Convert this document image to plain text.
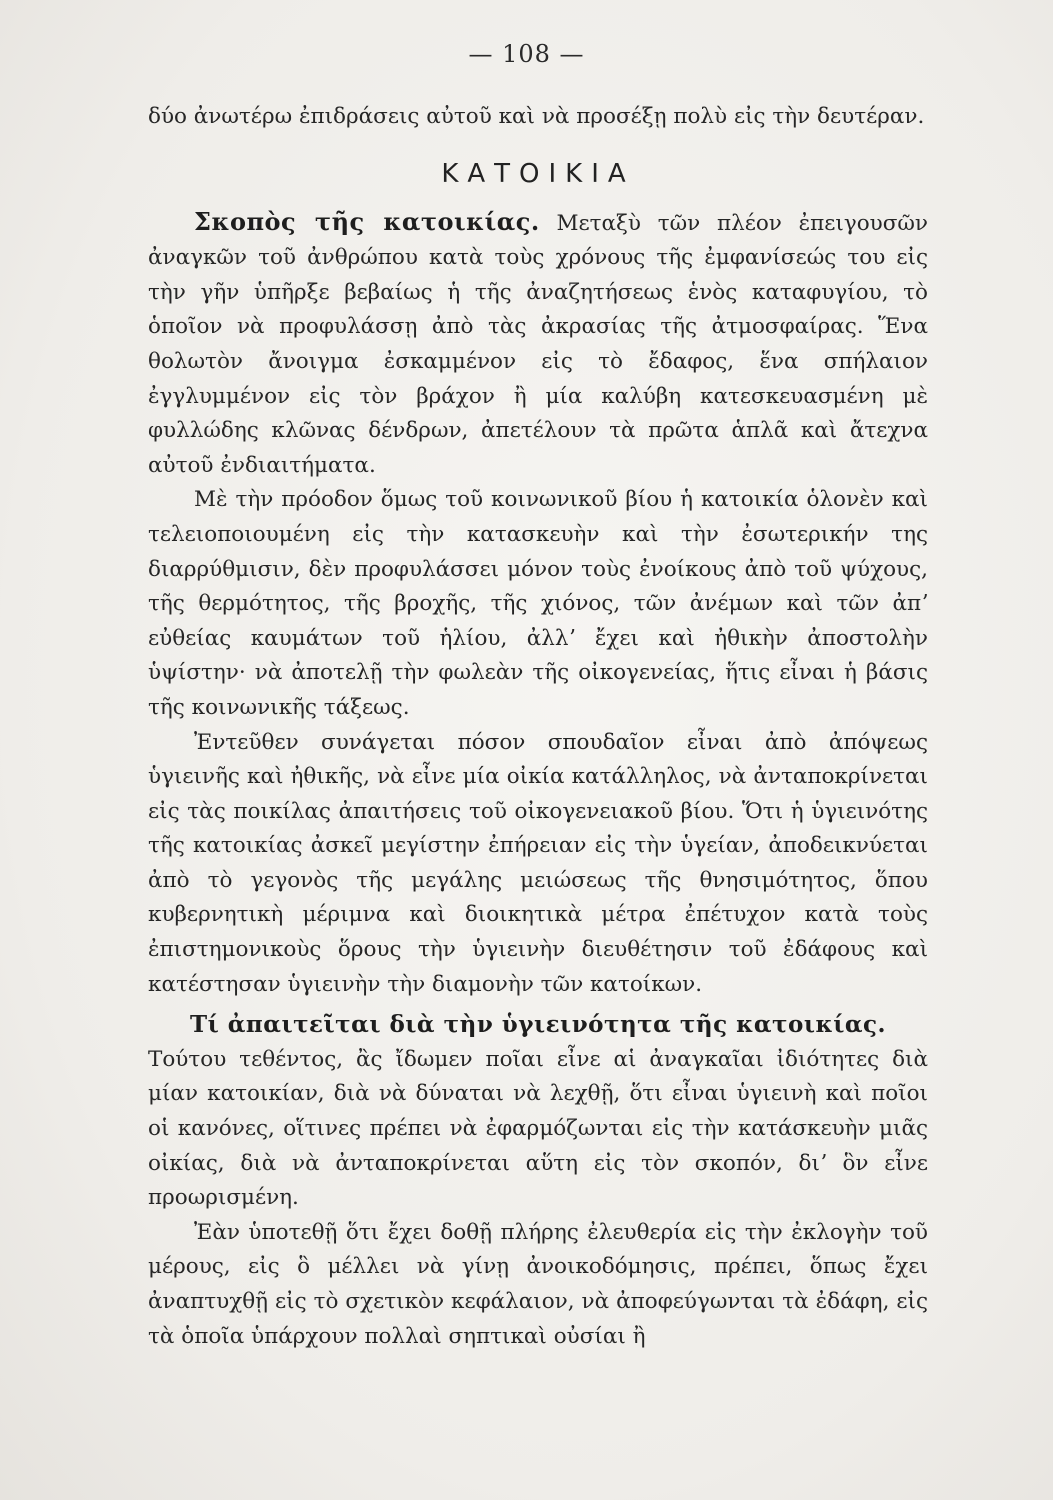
— 108 —

δύο ἀνωτέρω ἐπιδράσεις αὐτοῦ καὶ νὰ προσέξῃ πολὺ εἰς τὴν δευτέραν.

ΚΑΤΟΙΚΙΑ

Σκοπὸς τῆς κατοικίας. Μεταξὺ τῶν πλέον ἐπειγουσῶν ἀναγκῶν τοῦ ἀνθρώπου κατὰ τοὺς χρόνους τῆς ἐμφανίσεώς του εἰς τὴν γῆν ὑπῆρξε βεβαίως ἡ τῆς ἀναζητήσεως ἑνὸς καταφυγίου, τὸ ὁποῖον νὰ προφυλάσσῃ ἀπὸ τὰς ἀκρασίας τῆς ἀτμοσφαίρας. Ἕνα θολωτὸν ἄνοιγμα ἐσκαμμένον εἰς τὸ ἔδαφος, ἕνα σπήλαιον ἐγγλυμμένον εἰς τὸν βράχον ἢ μία καλύβη κατεσκευασμένη μὲ φυλλώδης κλῶνας δένδρων, ἀπετέλουν τὰ πρῶτα ἁπλᾶ καὶ ἄτεχνα αὐτοῦ ἐνδιαιτήματα.

Μὲ τὴν πρόοδον ὅμως τοῦ κοινωνικοῦ βίου ἡ κατοικία ὁλονὲν καὶ τελειοποιουμένη εἰς τὴν κατασκευὴν καὶ τὴν ἐσωτερικήν της διαρρύθμισιν, δὲν προφυλάσσει μόνον τοὺς ἐνοίκους ἀπὸ τοῦ ψύχους, τῆς θερμότητος, τῆς βροχῆς, τῆς χιόνος, τῶν ἀνέμων καὶ τῶν ἀπʼ εὐθείας καυμάτων τοῦ ἡλίου, ἀλλʼ ἔχει καὶ ἠθικὴν ἀποστολὴν ὑψίστην· νὰ ἀποτελῇ τὴν φωλεὰν τῆς οἰκογενείας, ἥτις εἶναι ἡ βάσις τῆς κοινωνικῆς τάξεως.

Ἐντεῦθεν συνάγεται πόσον σπουδαῖον εἶναι ἀπὸ ἀπόψεως ὑγιεινῆς καὶ ἠθικῆς, νὰ εἶνε μία οἰκία κατάλληλος, νὰ ἀνταποκρίνεται εἰς τὰς ποικίλας ἀπαιτήσεις τοῦ οἰκογενειακοῦ βίου. Ὅτι ἡ ὑγιεινότης τῆς κατοικίας ἀσκεῖ μεγίστην ἐπήρειαν εἰς τὴν ὑγείαν, ἀποδεικνύεται ἀπὸ τὸ γεγονὸς τῆς μεγάλης μειώσεως τῆς θνησιμότητος, ὅπου κυβερνητικὴ μέριμνα καὶ διοικητικὰ μέτρα ἐπέτυχον κατὰ τοὺς ἐπιστημονικοὺς ὅρους τὴν ὑγιεινὴν διευθέτησιν τοῦ ἐδάφους καὶ κατέστησαν ὑγιεινὴν τὴν διαμονὴν τῶν κατοίκων.

Τί ἀπαιτεῖται διὰ τὴν ὑγιεινότητα τῆς κατοικίας.

Τούτου τεθέντος, ἂς ἴδωμεν ποῖαι εἶνε αἱ ἀναγκαῖαι ἰδιότητες διὰ μίαν κατοικίαν, διὰ νὰ δύναται νὰ λεχθῇ, ὅτι εἶναι ὑγιεινὴ καὶ ποῖοι οἱ κανόνες, οἵτινες πρέπει νὰ ἐφαρμόζωνται εἰς τὴν κατάσκευὴν μιᾶς οἰκίας, διὰ νὰ ἀνταποκρίνεται αὕτη εἰς τὸν σκοπόν, διʼ ὃν εἶνε προωρισμένη.

Ἐὰν ὑποτεθῇ ὅτι ἔχει δοθῇ πλήρης ἐλευθερία εἰς τὴν ἐκλογὴν τοῦ μέρους, εἰς ὃ μέλλει νὰ γίνῃ ἀνοικοδόμησις, πρέπει, ὅπως ἔχει ἀναπτυχθῇ εἰς τὸ σχετικὸν κεφάλαιον, νὰ ἀποφεύγωνται τὰ ἐδάφη, εἰς τὰ ὁποῖα ὑπάρχουν πολλαὶ σηπτικαὶ οὐσίαι ἢ
